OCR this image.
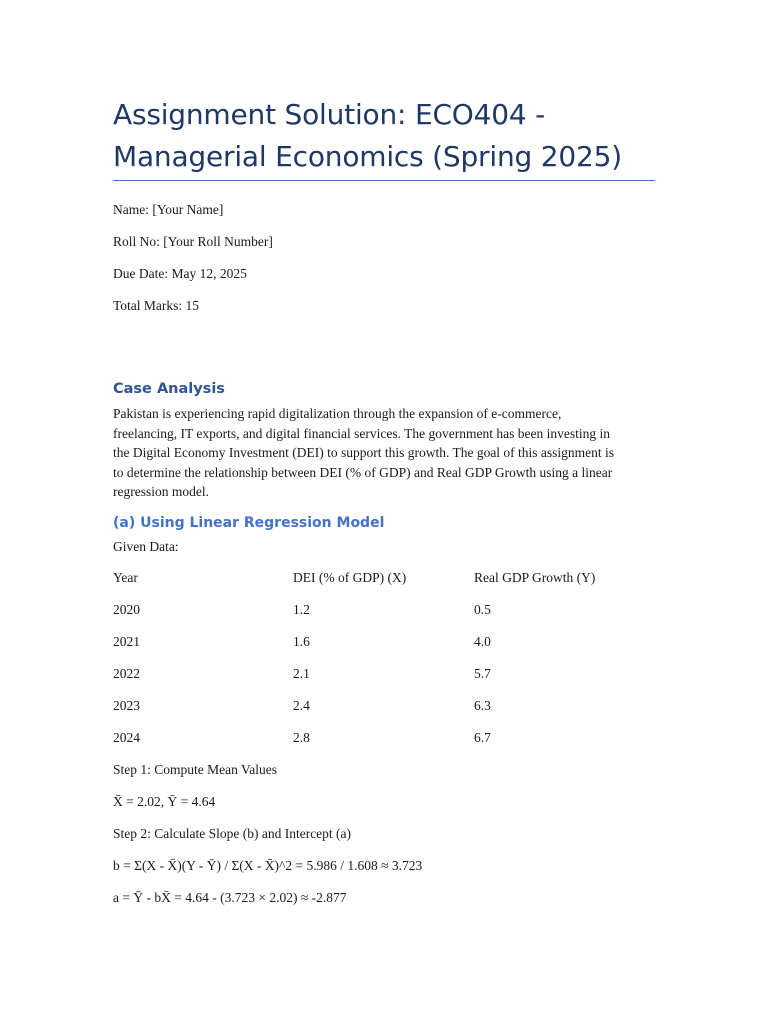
Assignment Solution: ECO404 -
Managerial Economics (Spring 2025)

Name: [Your Name]

Roll No: [Your Roll Number]

Due Date: May 12, 2025

Total Marks: 15

Case Analysis
Pakistan is experiencing rapid digitalization through the expansion of e-commerce,
freelancing, IT exports, and digital financial services. The government has been investing in
the Digital Economy Investment (DEI) to support this growth. The goal of this assignment is
to determine the relationship between DEI (% of GDP) and Real GDP Growth using a linear
regression model.
(a) Using Linear Regression Model

Given Data:

Year	DEI (% of GDP) (X)	Real GDP Growth (Y)
2020	1.2	0.5
2021	1.6	4.0
2022	2.1	5.7
2023	2.4	6.3
2024	2.8	6.7

Step 1: Compute Mean Values

X̄ = 2.02, Ȳ = 4.64

Step 2: Calculate Slope (b) and Intercept (a)

b = Σ(X - X̄)(Y - Ȳ) / Σ(X - X̄)^2 = 5.986 / 1.608 ≈ 3.723

a = Ȳ - bX̄ = 4.64 - (3.723 × 2.02) ≈ -2.877
